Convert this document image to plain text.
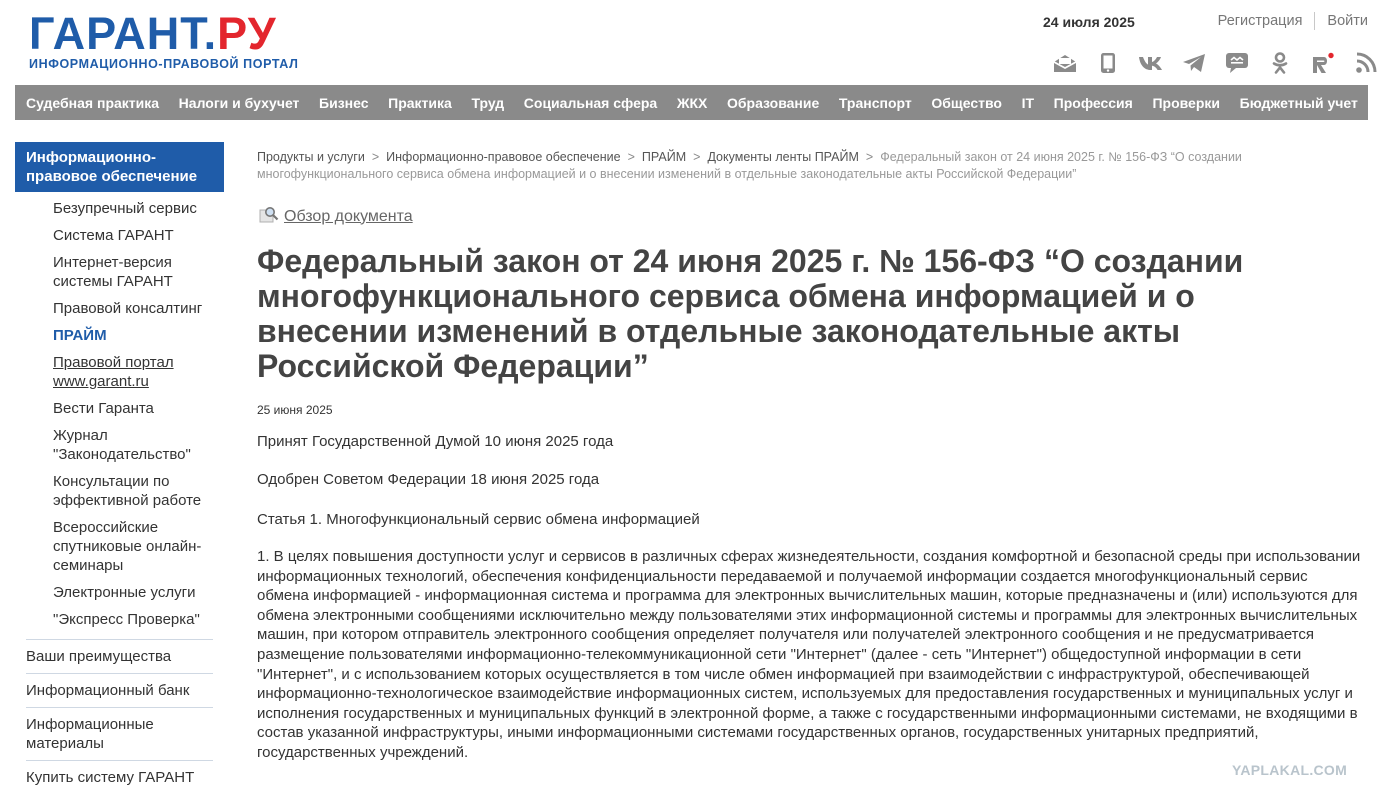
ГАРАНТ.РУ
ИНФОРМАЦИОННО-ПРАВОВОЙ ПОРТАЛ
24 июля 2025	Регистрация Войти
Судебная практика Налоги и бухучет Бизнес Практика Труд Социальная сфера ЖКХ Образование Транспорт Общество IT Профессия Проверки Бюджетный учет
Информационно-правовое обеспечение
Безупречный сервис
Система ГАРАНТ
Интернет-версия системы ГАРАНТ
Правовой консалтинг
ПРАЙМ
Правовой портал www.garant.ru
Вести Гаранта
Журнал "Законодательство"
Консультации по эффективной работе
Всероссийские спутниковые онлайн-семинары
Электронные услуги
"Экспресс Проверка"
Ваши преимущества
Информационный банк
Информационные материалы
Купить систему ГАРАНТ
Продукты и услуги > Информационно-правовое обеспечение > ПРАЙМ > Документы ленты ПРАЙМ > Федеральный закон от 24 июня 2025 г. № 156-ФЗ “О создании многофункционального сервиса обмена информацией и о внесении изменений в отдельные законодательные акты Российской Федерации”
Обзор документа
Федеральный закон от 24 июня 2025 г. № 156-ФЗ “О создании многофункционального сервиса обмена информацией и о внесении изменений в отдельные законодательные акты Российской Федерации”
25 июня 2025

Принят Государственной Думой 10 июня 2025 года

Одобрен Советом Федерации 18 июня 2025 года

Статья 1. Многофункциональный сервис обмена информацией

1. В целях повышения доступности услуг и сервисов в различных сферах жизнедеятельности, создания комфортной и безопасной среды при использовании информационных технологий, обеспечения конфиденциальности передаваемой и получаемой информации создается многофункциональный сервис обмена информацией - информационная система и программа для электронных вычислительных машин, которые предназначены и (или) используются для обмена электронными сообщениями исключительно между пользователями этих информационной системы и программы для электронных вычислительных машин, при котором отправитель электронного сообщения определяет получателя или получателей электронного сообщения и не предусматривается размещение пользователями информационно-телекоммуникационной сети "Интернет" (далее - сеть "Интернет") общедоступной информации в сети "Интернет", и с использованием которых осуществляется в том числе обмен информацией при взаимодействии с инфраструктурой, обеспечивающей информационно-технологическое взаимодействие информационных систем, используемых для предоставления государственных и муниципальных услуг и исполнения государственных и муниципальных функций в электронной форме, а также с государственными информационными системами, не входящими в состав указанной инфраструктуры, иными информационными системами государственных органов, государственных унитарных предприятий, государственных учреждений.

YAPLAKAL.COM
